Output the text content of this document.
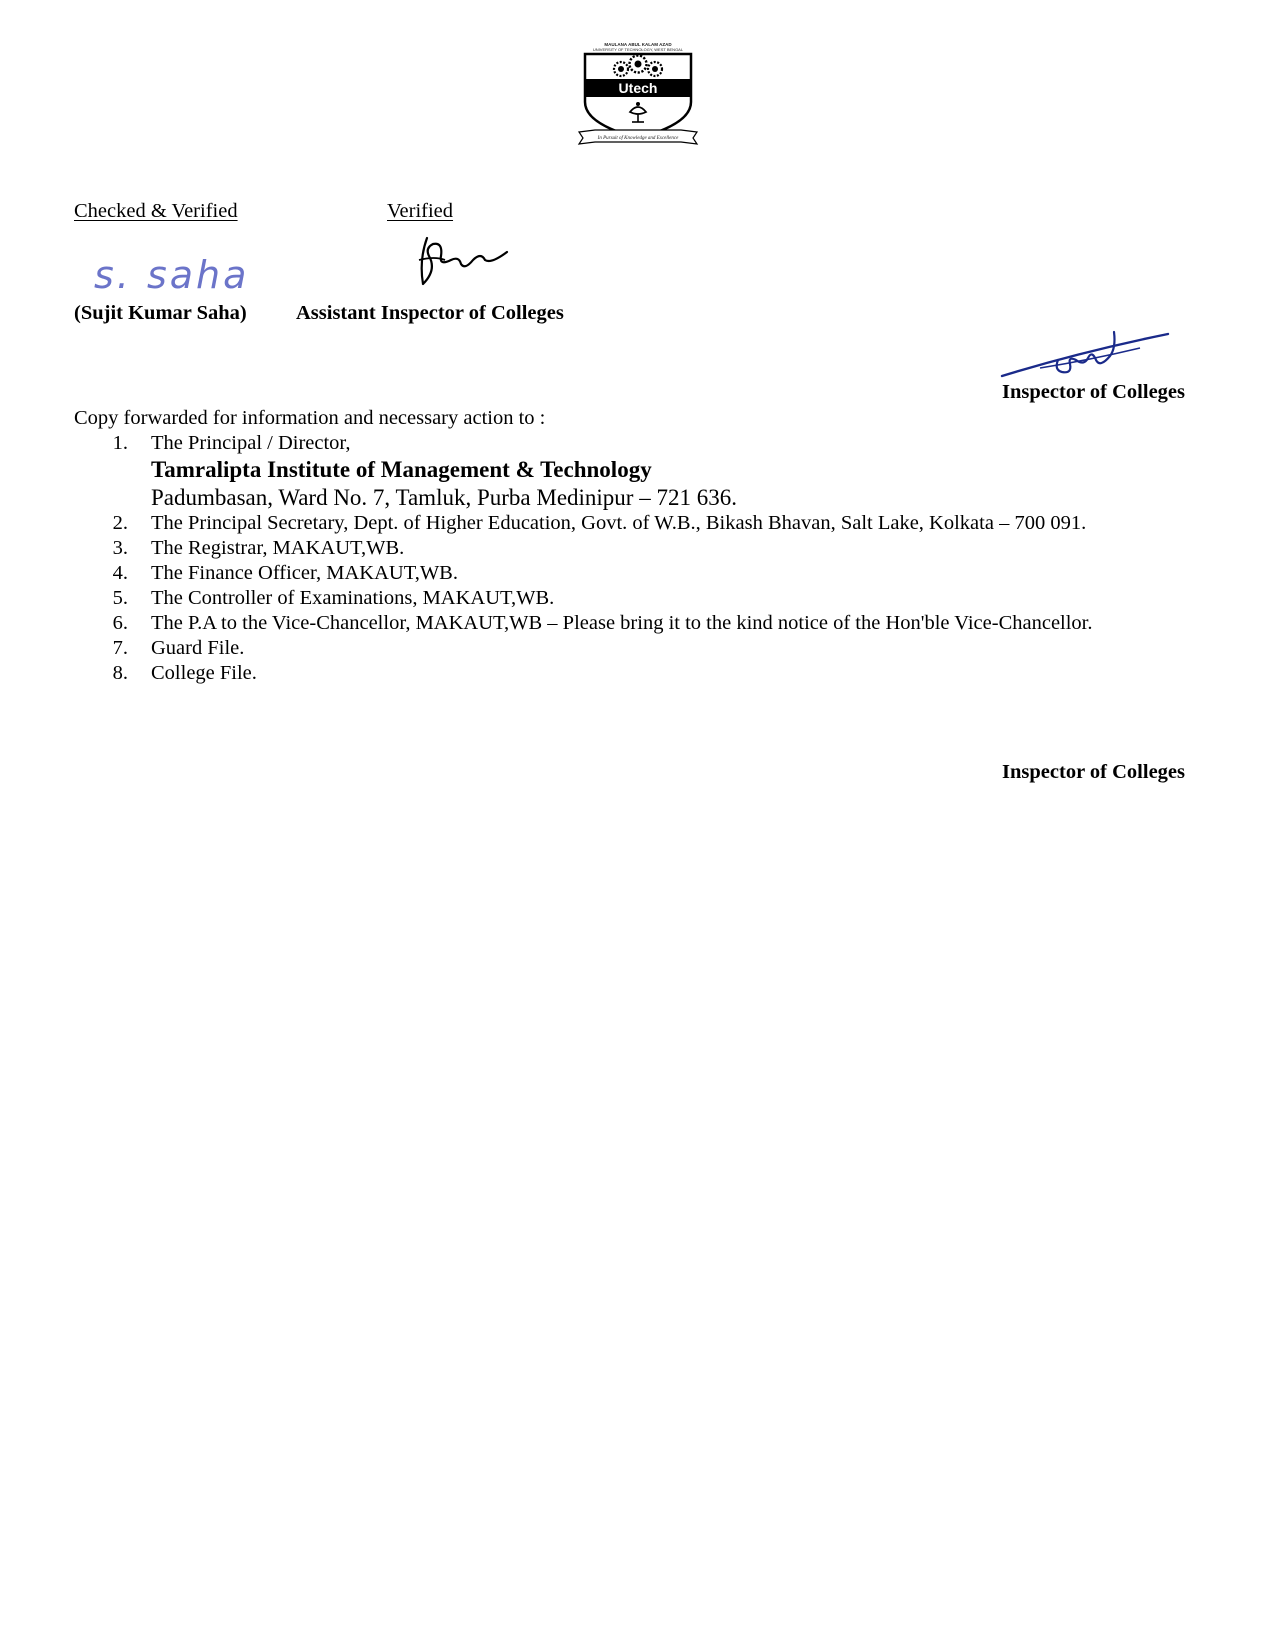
MAULANA ABUL KALAM AZAD
UNIVERSITY OF TECHNOLOGY, WEST BENGAL
Utech
In Pursuit of Knowledge and Excellence
Checked & Verified	Verified
s. saha
(Sujit Kumar Saha) Assistant Inspector of Colleges
Inspector of Colleges
Copy forwarded for information and necessary action to :
1. The Principal / Director,
Tamralipta Institute of Management & Technology
Padumbasan, Ward No. 7, Tamluk, Purba Medinipur – 721 636.
2. The Principal Secretary, Dept. of Higher Education, Govt. of W.B., Bikash Bhavan, Salt Lake, Kolkata – 700 091.
3. The Registrar, MAKAUT,WB.
4. The Finance Officer, MAKAUT,WB.
5. The Controller of Examinations, MAKAUT,WB.
6. The P.A to the Vice-Chancellor, MAKAUT,WB – Please bring it to the kind notice of the Hon'ble Vice-Chancellor.
7. Guard File.
8. College File.
Inspector of Colleges
